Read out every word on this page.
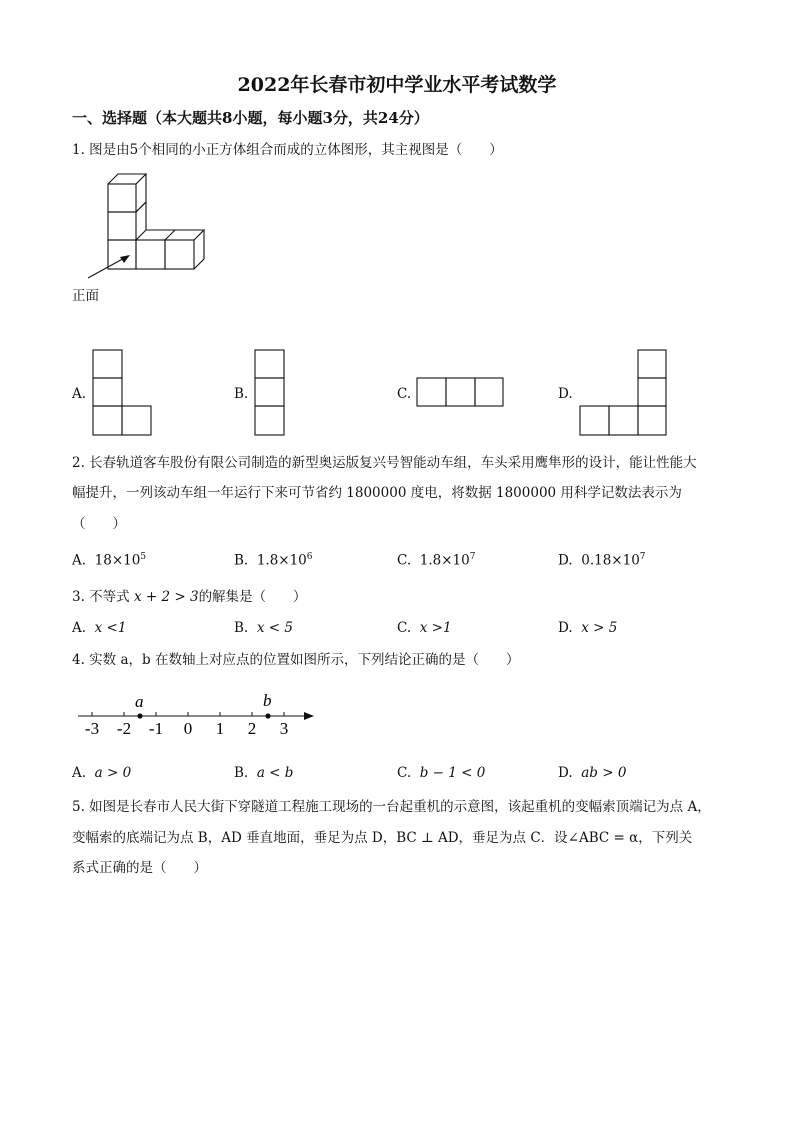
2022年长春市初中学业水平考试数学
一、选择题（本大题共8小题，每小题3分，共24分）
1. 图是由5个相同的小正方体组合而成的立体图形，其主视图是（　　）
正面
A.	B.	C.	D.
2. 长春轨道客车股份有限公司制造的新型奥运版复兴号智能动车组，车头采用鹰隼形的设计，能让性能大
幅提升，一列该动车组一年运行下来可节省约 1800000 度电，将数据 1800000 用科学记数法表示为
（　　）
A. $18\times 10^5$	B. $1.8\times 10^6$	C. $1.8\times 10^7$	D. $0.18\times 10^7$
3. 不等式 x + 2 > 3的解集是（　　）
A. x <1	B. x < 5	C. x >1	D. x > 5
4. 实数 a，b 在数轴上对应点的位置如图所示，下列结论正确的是（　　）
a	b
-3 -2 -1 0 1 2 3
A. a > 0	B. a < b	C. b − 1 < 0	D. ab > 0
5. 如图是长春市人民大街下穿隧道工程施工现场的一台起重机的示意图，该起重机的变幅索顶端记为点 A，
变幅索的底端记为点 B，AD 垂直地面，垂足为点 D，BC ⊥ AD，垂足为点 C．设∠ABC = α，下列关
系式正确的是（　　）
